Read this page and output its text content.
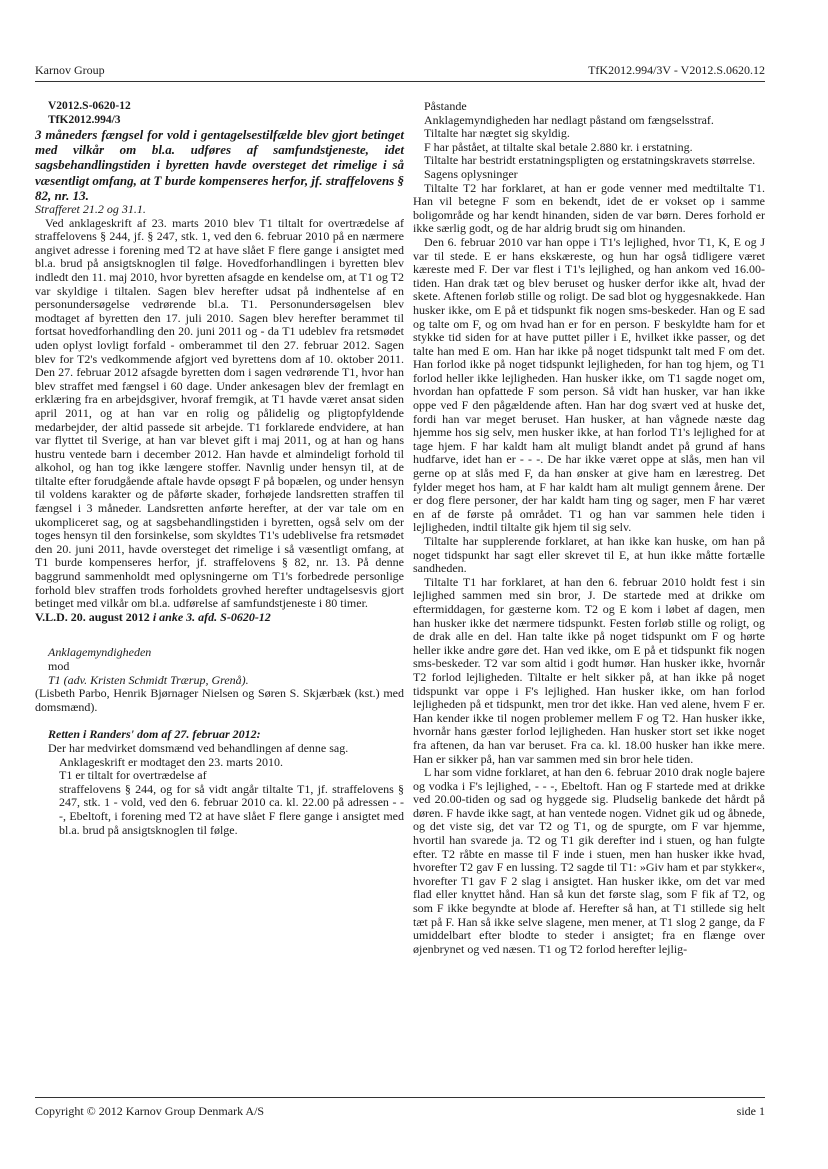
Karnov Group	TfK2012.994/3V - V2012.S.0620.12
V2012.S-0620-12
TfK2012.994/3

3 måneders fængsel for vold i gentagelsestilfælde blev gjort betinget med vilkår om bl.a. udføres af samfundstjeneste, idet sagsbehandlingstiden i byretten havde oversteget det rimelige i så væsentligt omfang, at T burde kompenseres herfor, jf. straffelovens § 82, nr. 13.

Strafferet 21.2 og 31.1.

Ved anklageskrift af 23. marts 2010 blev T1 tiltalt for overtrædelse af straffelovens § 244, jf. § 247, stk. 1, ved den 6. februar 2010 på en nærmere angivet adresse i forening med T2 at have slået F flere gange i ansigtet med bl.a. brud på ansigtsknoglen til følge. Hovedforhandlingen i byretten blev indledt den 11. maj 2010, hvor byretten afsagde en kendelse om, at T1 og T2 var skyldige i tiltalen. Sagen blev herefter udsat på indhentelse af en personundersøgelse vedrørende bl.a. T1. Personundersøgelsen blev modtaget af byretten den 17. juli 2010. Sagen blev herefter berammet til fortsat hovedforhandling den 20. juni 2011 og - da T1 udeblev fra retsmødet uden oplyst lovligt forfald - omberammet til den 27. februar 2012. Sagen blev for T2's vedkommende afgjort ved byrettens dom af 10. oktober 2011. Den 27. februar 2012 afsagde byretten dom i sagen vedrørende T1, hvor han blev straffet med fængsel i 60 dage. Under ankesagen blev der fremlagt en erklæring fra en arbejdsgiver, hvoraf fremgik, at T1 havde været ansat siden april 2011, og at han var en rolig og pålidelig og pligtopfyldende medarbejder, der altid passede sit arbejde. T1 forklarede endvidere, at han var flyttet til Sverige, at han var blevet gift i maj 2011, og at han og hans hustru ventede barn i december 2012. Han havde et almindeligt forhold til alkohol, og han tog ikke længere stoffer. Navnlig under hensyn til, at de tiltalte efter forudgående aftale havde opsøgt F på bopælen, og under hensyn til voldens karakter og de påførte skader, forhøjede landsretten straffen til fængsel i 3 måneder. Landsretten anførte herefter, at der var tale om en ukompliceret sag, og at sagsbehandlingstiden i byretten, også selv om der toges hensyn til den forsinkelse, som skyldtes T1's udeblivelse fra retsmødet den 20. juni 2011, havde oversteget det rimelige i så væsentligt omfang, at T1 burde kompenseres herfor, jf. straffelovens § 82, nr. 13. På denne baggrund sammenholdt med oplysningerne om T1's forbedrede personlige forhold blev straffen trods forholdets grovhed herefter undtagelsesvis gjort betinget med vilkår om bl.a. udførelse af samfundstjeneste i 80 timer.

V.L.D. 20. august 2012 i anke 3. afd. S-0620-12

Anklagemyndigheden
mod
T1 (adv. Kristen Schmidt Trærup, Grenå).

(Lisbeth Parbo, Henrik Bjørnager Nielsen og Søren S. Skjærbæk (kst.) med domsmænd).

Retten i Randers' dom af 27. februar 2012:
Der har medvirket domsmænd ved behandlingen af denne sag.
Anklageskrift er modtaget den 23. marts 2010.
T1 er tiltalt for overtrædelse af
straffelovens § 244, og for så vidt angår tiltalte T1, jf. straffelovens § 247, stk. 1 - vold, ved den 6. februar 2010 ca. kl. 22.00 på adressen - - -, Ebeltoft, i forening med T2 at have slået F flere gange i ansigtet med bl.a. brud på ansigtsknoglen til følge.

Påstande

Anklagemyndigheden har nedlagt påstand om fængselsstraf.

Tiltalte har nægtet sig skyldig.

F har påstået, at tiltalte skal betale 2.880 kr. i erstatning.

Tiltalte har bestridt erstatningspligten og erstatningskravets størrelse.

Sagens oplysninger

Tiltalte T2 har forklaret, at han er gode venner med medtiltalte T1. Han vil betegne F som en bekendt, idet de er vokset op i samme boligområde og har kendt hinanden, siden de var børn. Deres forhold er ikke særlig godt, og de har aldrig brudt sig om hinanden.

Den 6. februar 2010 var han oppe i T1's lejlighed, hvor T1, K, E og J var til stede. E er hans ekskæreste, og hun har også tidligere været kæreste med F. Der var flest i T1's lejlighed, og han ankom ved 16.00-tiden. Han drak tæt og blev beruset og husker derfor ikke alt, hvad der skete. Aftenen forløb stille og roligt. De sad blot og hyggesnakkede. Han husker ikke, om E på et tidspunkt fik nogen sms-beskeder. Han og E sad og talte om F, og om hvad han er for en person. F beskyldte ham for et stykke tid siden for at have puttet piller i E, hvilket ikke passer, og det talte han med E om. Han har ikke på noget tidspunkt talt med F om det. Han forlod ikke på noget tidspunkt lejligheden, for han tog hjem, og T1 forlod heller ikke lejligheden. Han husker ikke, om T1 sagde noget om, hvordan han opfattede F som person. Så vidt han husker, var han ikke oppe ved F den pågældende aften. Han har dog svært ved at huske det, fordi han var meget beruset. Han husker, at han vågnede næste dag hjemme hos sig selv, men husker ikke, at han forlod T1's lejlighed for at tage hjem. F har kaldt ham alt muligt blandt andet på grund af hans hudfarve, idet han er - - -. De har ikke været oppe at slås, men han vil gerne op at slås med F, da han ønsker at give ham en lærestreg. Det fylder meget hos ham, at F har kaldt ham alt muligt gennem årene. Der er dog flere personer, der har kaldt ham ting og sager, men F har været en af de første på området. T1 og han var sammen hele tiden i lejligheden, indtil tiltalte gik hjem til sig selv.

Tiltalte har supplerende forklaret, at han ikke kan huske, om han på noget tidspunkt har sagt eller skrevet til E, at hun ikke måtte fortælle sandheden.

Tiltalte T1 har forklaret, at han den 6. februar 2010 holdt fest i sin lejlighed sammen med sin bror, J. De startede med at drikke om eftermiddagen, for gæsterne kom. T2 og E kom i løbet af dagen, men han husker ikke det nærmere tidspunkt. Festen forløb stille og roligt, og de drak alle en del. Han talte ikke på noget tidspunkt om F og hørte heller ikke andre gøre det. Han ved ikke, om E på et tidspunkt fik nogen sms-beskeder. T2 var som altid i godt humør. Han husker ikke, hvornår T2 forlod lejligheden. Tiltalte er helt sikker på, at han ikke på noget tidspunkt var oppe i F's lejlighed. Han husker ikke, om han forlod lejligheden på et tidspunkt, men tror det ikke. Han ved alene, hvem F er. Han kender ikke til nogen problemer mellem F og T2. Han husker ikke, hvornår hans gæster forlod lejligheden. Han husker stort set ikke noget fra aftenen, da han var beruset. Fra ca. kl. 18.00 husker han ikke mere. Han er sikker på, han var sammen med sin bror hele tiden.

L har som vidne forklaret, at han den 6. februar 2010 drak nogle bajere og vodka i F's lejlighed, - - -, Ebeltoft. Han og F startede med at drikke ved 20.00-tiden og sad og hyggede sig. Pludselig bankede det hårdt på døren. F havde ikke sagt, at han ventede nogen. Vidnet gik ud og åbnede, og det viste sig, det var T2 og T1, og de spurgte, om F var hjemme, hvortil han svarede ja. T2 og T1 gik derefter ind i stuen, og han fulgte efter. T2 råbte en masse til F inde i stuen, men han husker ikke hvad, hvorefter T2 gav F en lussing. T2 sagde til T1: »Giv ham et par stykker«, hvorefter T1 gav F 2 slag i ansigtet. Han husker ikke, om det var med flad eller knyttet hånd. Han så kun det første slag, som F fik af T2, og som F ikke begyndte at blode af. Herefter så han, at T1 stillede sig helt tæt på F. Han så ikke selve slagene, men mener, at T1 slog 2 gange, da F umiddelbart efter blodte to steder i ansigtet; fra en flænge over øjenbrynet og ved næsen. T1 og T2 forlod herefter lejlig-

Copyright © 2012 Karnov Group Denmark A/S	side 1
